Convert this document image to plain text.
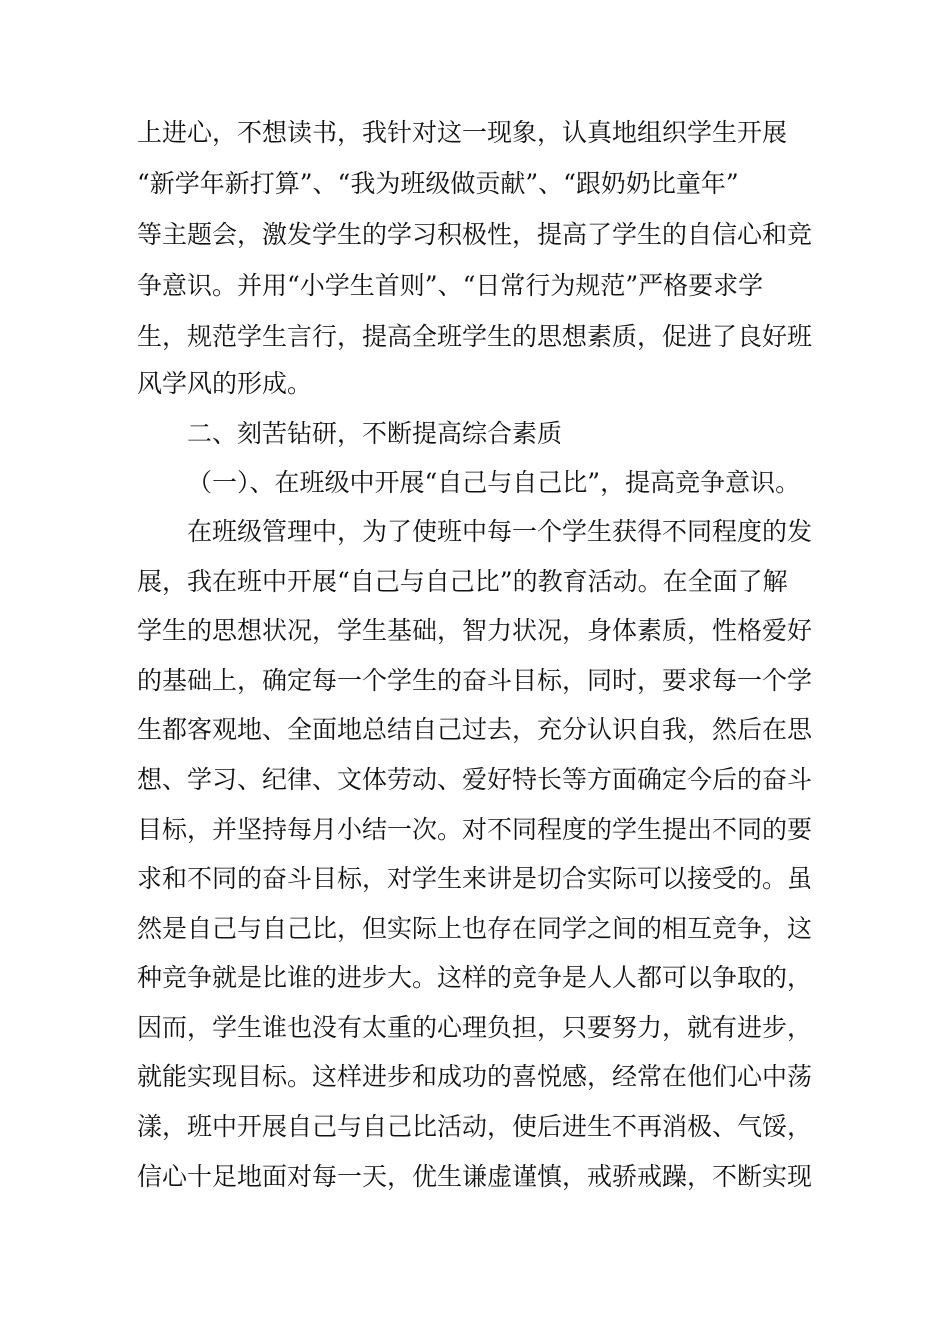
上进心，不想读书，我针对这一现象，认真地组织学生开展
“新学年新打算”、“我为班级做贡献”、“跟奶奶比童年”
等主题会，激发学生的学习积极性，提高了学生的自信心和竞
争意识。并用“小学生首则”、“日常行为规范”严格要求学
生，规范学生言行，提高全班学生的思想素质，促进了良好班
风学风的形成。
二、刻苦钻研，不断提高综合素质
（一）、在班级中开展“自己与自己比”，提高竞争意识。
在班级管理中，为了使班中每一个学生获得不同程度的发
展，我在班中开展“自己与自己比”的教育活动。在全面了解
学生的思想状况，学生基础，智力状况，身体素质，性格爱好
的基础上，确定每一个学生的奋斗目标，同时，要求每一个学
生都客观地、全面地总结自己过去，充分认识自我，然后在思
想、学习、纪律、文体劳动、爱好特长等方面确定今后的奋斗
目标，并坚持每月小结一次。对不同程度的学生提出不同的要
求和不同的奋斗目标，对学生来讲是切合实际可以接受的。虽
然是自己与自己比，但实际上也存在同学之间的相互竞争，这
种竞争就是比谁的进步大。这样的竞争是人人都可以争取的，
因而，学生谁也没有太重的心理负担，只要努力，就有进步，
就能实现目标。这样进步和成功的喜悦感，经常在他们心中荡
漾，班中开展自己与自己比活动，使后进生不再消极、气馁，
信心十足地面对每一天，优生谦虚谨慎，戒骄戒躁，不断实现
